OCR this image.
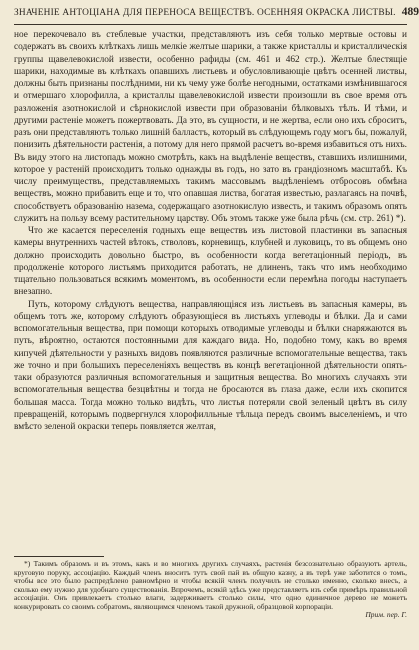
ЗНАЧЕНІЕ АНТОЦІАНА ДЛЯ ПЕРЕНОСА ВЕЩЕСТВЪ. ОСЕННЯЯ ОКРАСКА ЛИСТВЫ. 489

ное перекочевало въ стеблевые участки, представляютъ изъ себя только мертвые остовы и содержатъ въ своихъ клѣткахъ лишь мелкіе желтые шарики, а также кристаллы и кристаллическія группы щавелевокислой извести, особенно рафиды (см. 461 и 462 стр.). Желтые блестящіе шарики, находимые въ клѣткахъ опавшихъ листьевъ и обусловливающіе цвѣтъ осенней листвы, должны быть признаны послѣдними, ни къ чему уже болѣе негодными, остатками измѣнившагося и отмершаго хлорофилла, а кристаллы щавелевокислой извести произошли въ свое время отъ разложенія азотнокислой и сѣрнокислой извести при образованіи бѣлковыхъ тѣлъ. И тѣми, и другими растеніе можетъ пожертвовать. Да это, въ сущности, и не жертва, если оно ихъ сброситъ, разъ они представляютъ только лишній балластъ, который въ слѣдующемъ году могъ бы, пожалуй, понизить дѣятельности растенія, а потому для него прямой расчетъ во-время избавиться отъ нихъ. Въ виду этого на листопадъ можно смотрѣть, какъ на выдѣленіе веществъ, ставшихъ излишними, которое у растеній происходитъ только однажды въ годъ, но зато въ грандіозномъ масштабѣ. Къ числу преимуществъ, представляемыхъ такимъ массовымъ выдѣленіемъ отбросовъ обмѣна веществъ, можно прибавить еще и то, что опавшая листва, богатая известью, разлагаясь на почвѣ, способствуетъ образованію назема, содержащаго азотнокислую известь, и такимъ образомъ опять служитъ на пользу всему растительному царству. Объ этомъ также уже была рѣчь (см. стр. 261) *).

Что же касается переселенія годныхъ еще веществъ изъ листовой пластинки въ запасныя камеры внутреннихъ частей вѣтокъ, стволовъ, корневищъ, клубней и луковицъ, то въ общемъ оно должно происходить довольно быстро, въ особенности когда вегетаціонный періодъ, въ продолженіе которого листьямъ приходится работать, не длиненъ, такъ что имъ необходимо тщательно пользоваться всякимъ моментомъ, въ особенности если перемѣна погоды наступаетъ внезапно.

Путь, которому слѣдуютъ вещества, направляющіяся изъ листьевъ въ запасныя камеры, въ общемъ тотъ же, которому слѣдуютъ образующіеся въ листьяхъ углеводы и бѣлки. Да и сами вспомогательныя вещества, при помощи которыхъ отводимые углеводы и бѣлки снаряжаются въ путь, вѣроятно, остаются постоянными для каждаго вида. Но, подобно тому, какъ во время кипучей дѣятельности у разныхъ видовъ появляются различные вспомогательные вещества, такъ же точно и при большихъ переселеніяхъ веществъ въ концѣ вегетаціонной дѣятельности опять-таки образуются различныя вспомогательныя и защитныя вещества. Во многихъ случаяхъ эти вспомогательныя вещества безцвѣтны и тогда не бросаются въ глаза даже, если ихъ скопится большая масса. Тогда можно только видѣть, что листья потеряли свой зеленый цвѣтъ въ силу превращеній, которымъ подвергнулся хлорофилльные тѣльца передъ своимъ выселеніемъ, и что вмѣсто зеленой окраски теперь появляется желтая,

*) Такимъ образомъ и въ этомъ, какъ и во многихъ другихъ случаяхъ, растенія безсознательно образуютъ артель, круговую поруку, ассоціацію. Каждый членъ вноситъ тутъ свой пай въ общую казну, а въ терѣ уже заботится о томъ, чтобы все это было распредѣлено равномѣрно и чтобы всякій членъ получилъ не столько именно, сколько внесъ, а сколько ему нужно для удобнаго существованія. Впрочемъ, всякій здѣсь уже представляетъ изъ себя примѣръ правильной ассоціаціи. Онъ привлекаетъ столько влаги, задерживаетъ столько силы, что одно единичное дерево не можетъ конкурировать со своимъ собратомъ, являющимся членомъ такой дружной, образцовой корпораціи.

Прим. пер. Г.
